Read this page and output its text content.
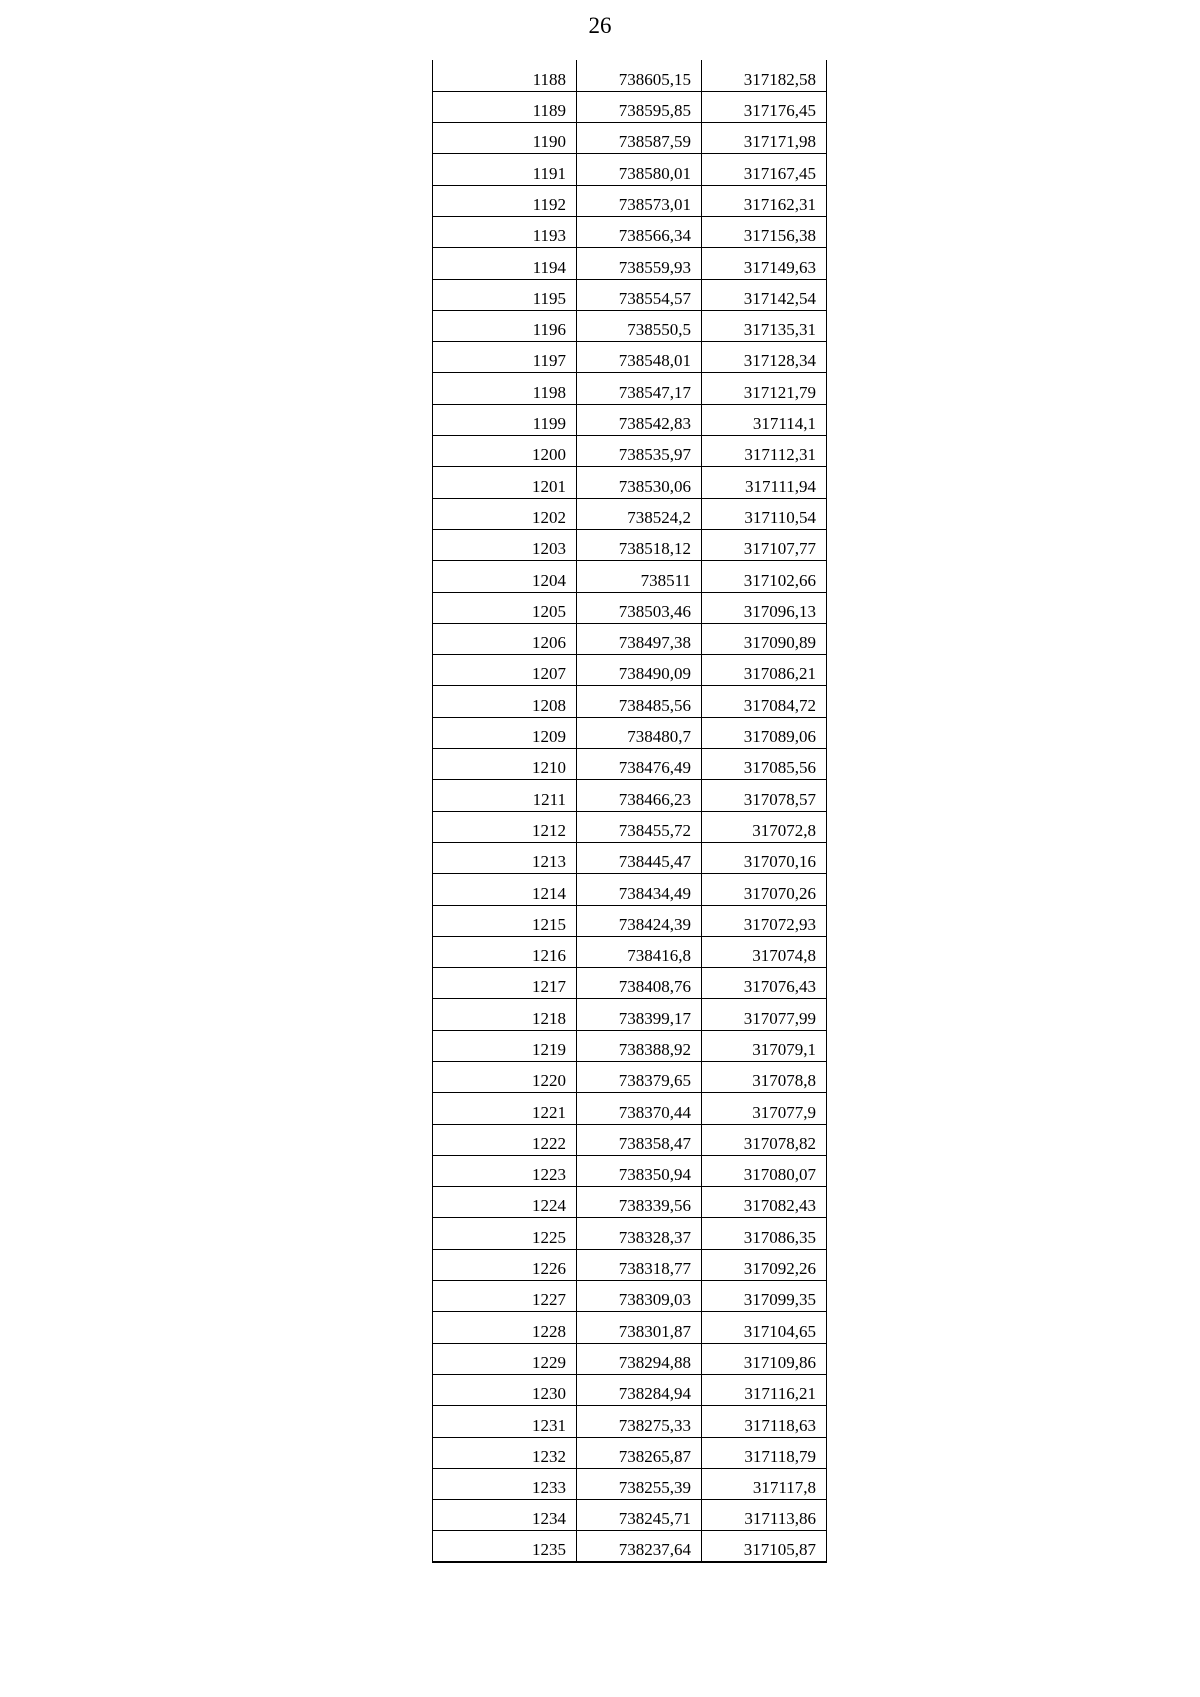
26
1188	738605,15	317182,58
1189	738595,85	317176,45
1190	738587,59	317171,98
1191	738580,01	317167,45
1192	738573,01	317162,31
1193	738566,34	317156,38
1194	738559,93	317149,63
1195	738554,57	317142,54
1196	738550,5	317135,31
1197	738548,01	317128,34
1198	738547,17	317121,79
1199	738542,83	317114,1
1200	738535,97	317112,31
1201	738530,06	317111,94
1202	738524,2	317110,54
1203	738518,12	317107,77
1204	738511	317102,66
1205	738503,46	317096,13
1206	738497,38	317090,89
1207	738490,09	317086,21
1208	738485,56	317084,72
1209	738480,7	317089,06
1210	738476,49	317085,56
1211	738466,23	317078,57
1212	738455,72	317072,8
1213	738445,47	317070,16
1214	738434,49	317070,26
1215	738424,39	317072,93
1216	738416,8	317074,8
1217	738408,76	317076,43
1218	738399,17	317077,99
1219	738388,92	317079,1
1220	738379,65	317078,8
1221	738370,44	317077,9
1222	738358,47	317078,82
1223	738350,94	317080,07
1224	738339,56	317082,43
1225	738328,37	317086,35
1226	738318,77	317092,26
1227	738309,03	317099,35
1228	738301,87	317104,65
1229	738294,88	317109,86
1230	738284,94	317116,21
1231	738275,33	317118,63
1232	738265,87	317118,79
1233	738255,39	317117,8
1234	738245,71	317113,86
1235	738237,64	317105,87
